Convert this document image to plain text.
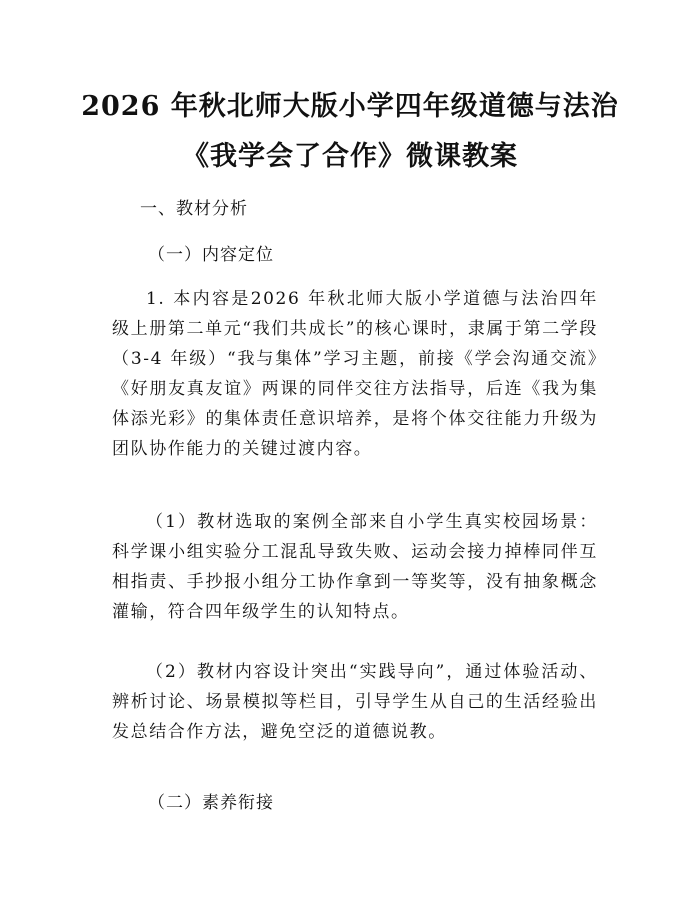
2026 年秋北师大版小学四年级道德与法治
《我学会了合作》微课教案
一、教材分析
（一）内容定位
1. 本内容是2026 年秋北师大版小学道德与法治四年级上册第二单元“我们共成长”的核心课时，隶属于第二学段（3-4 年级）“我与集体”学习主题，前接《学会沟通交流》《好朋友真友谊》两课的同伴交往方法指导，后连《我为集体添光彩》的集体责任意识培养，是将个体交往能力升级为团队协作能力的关键过渡内容。
（1）教材选取的案例全部来自小学生真实校园场景：科学课小组实验分工混乱导致失败、运动会接力掉棒同伴互相指责、手抄报小组分工协作拿到一等奖等，没有抽象概念灌输，符合四年级学生的认知特点。
（2）教材内容设计突出“实践导向”，通过体验活动、辨析讨论、场景模拟等栏目，引导学生从自己的生活经验出发总结合作方法，避免空泛的道德说教。
（二）素养衔接
